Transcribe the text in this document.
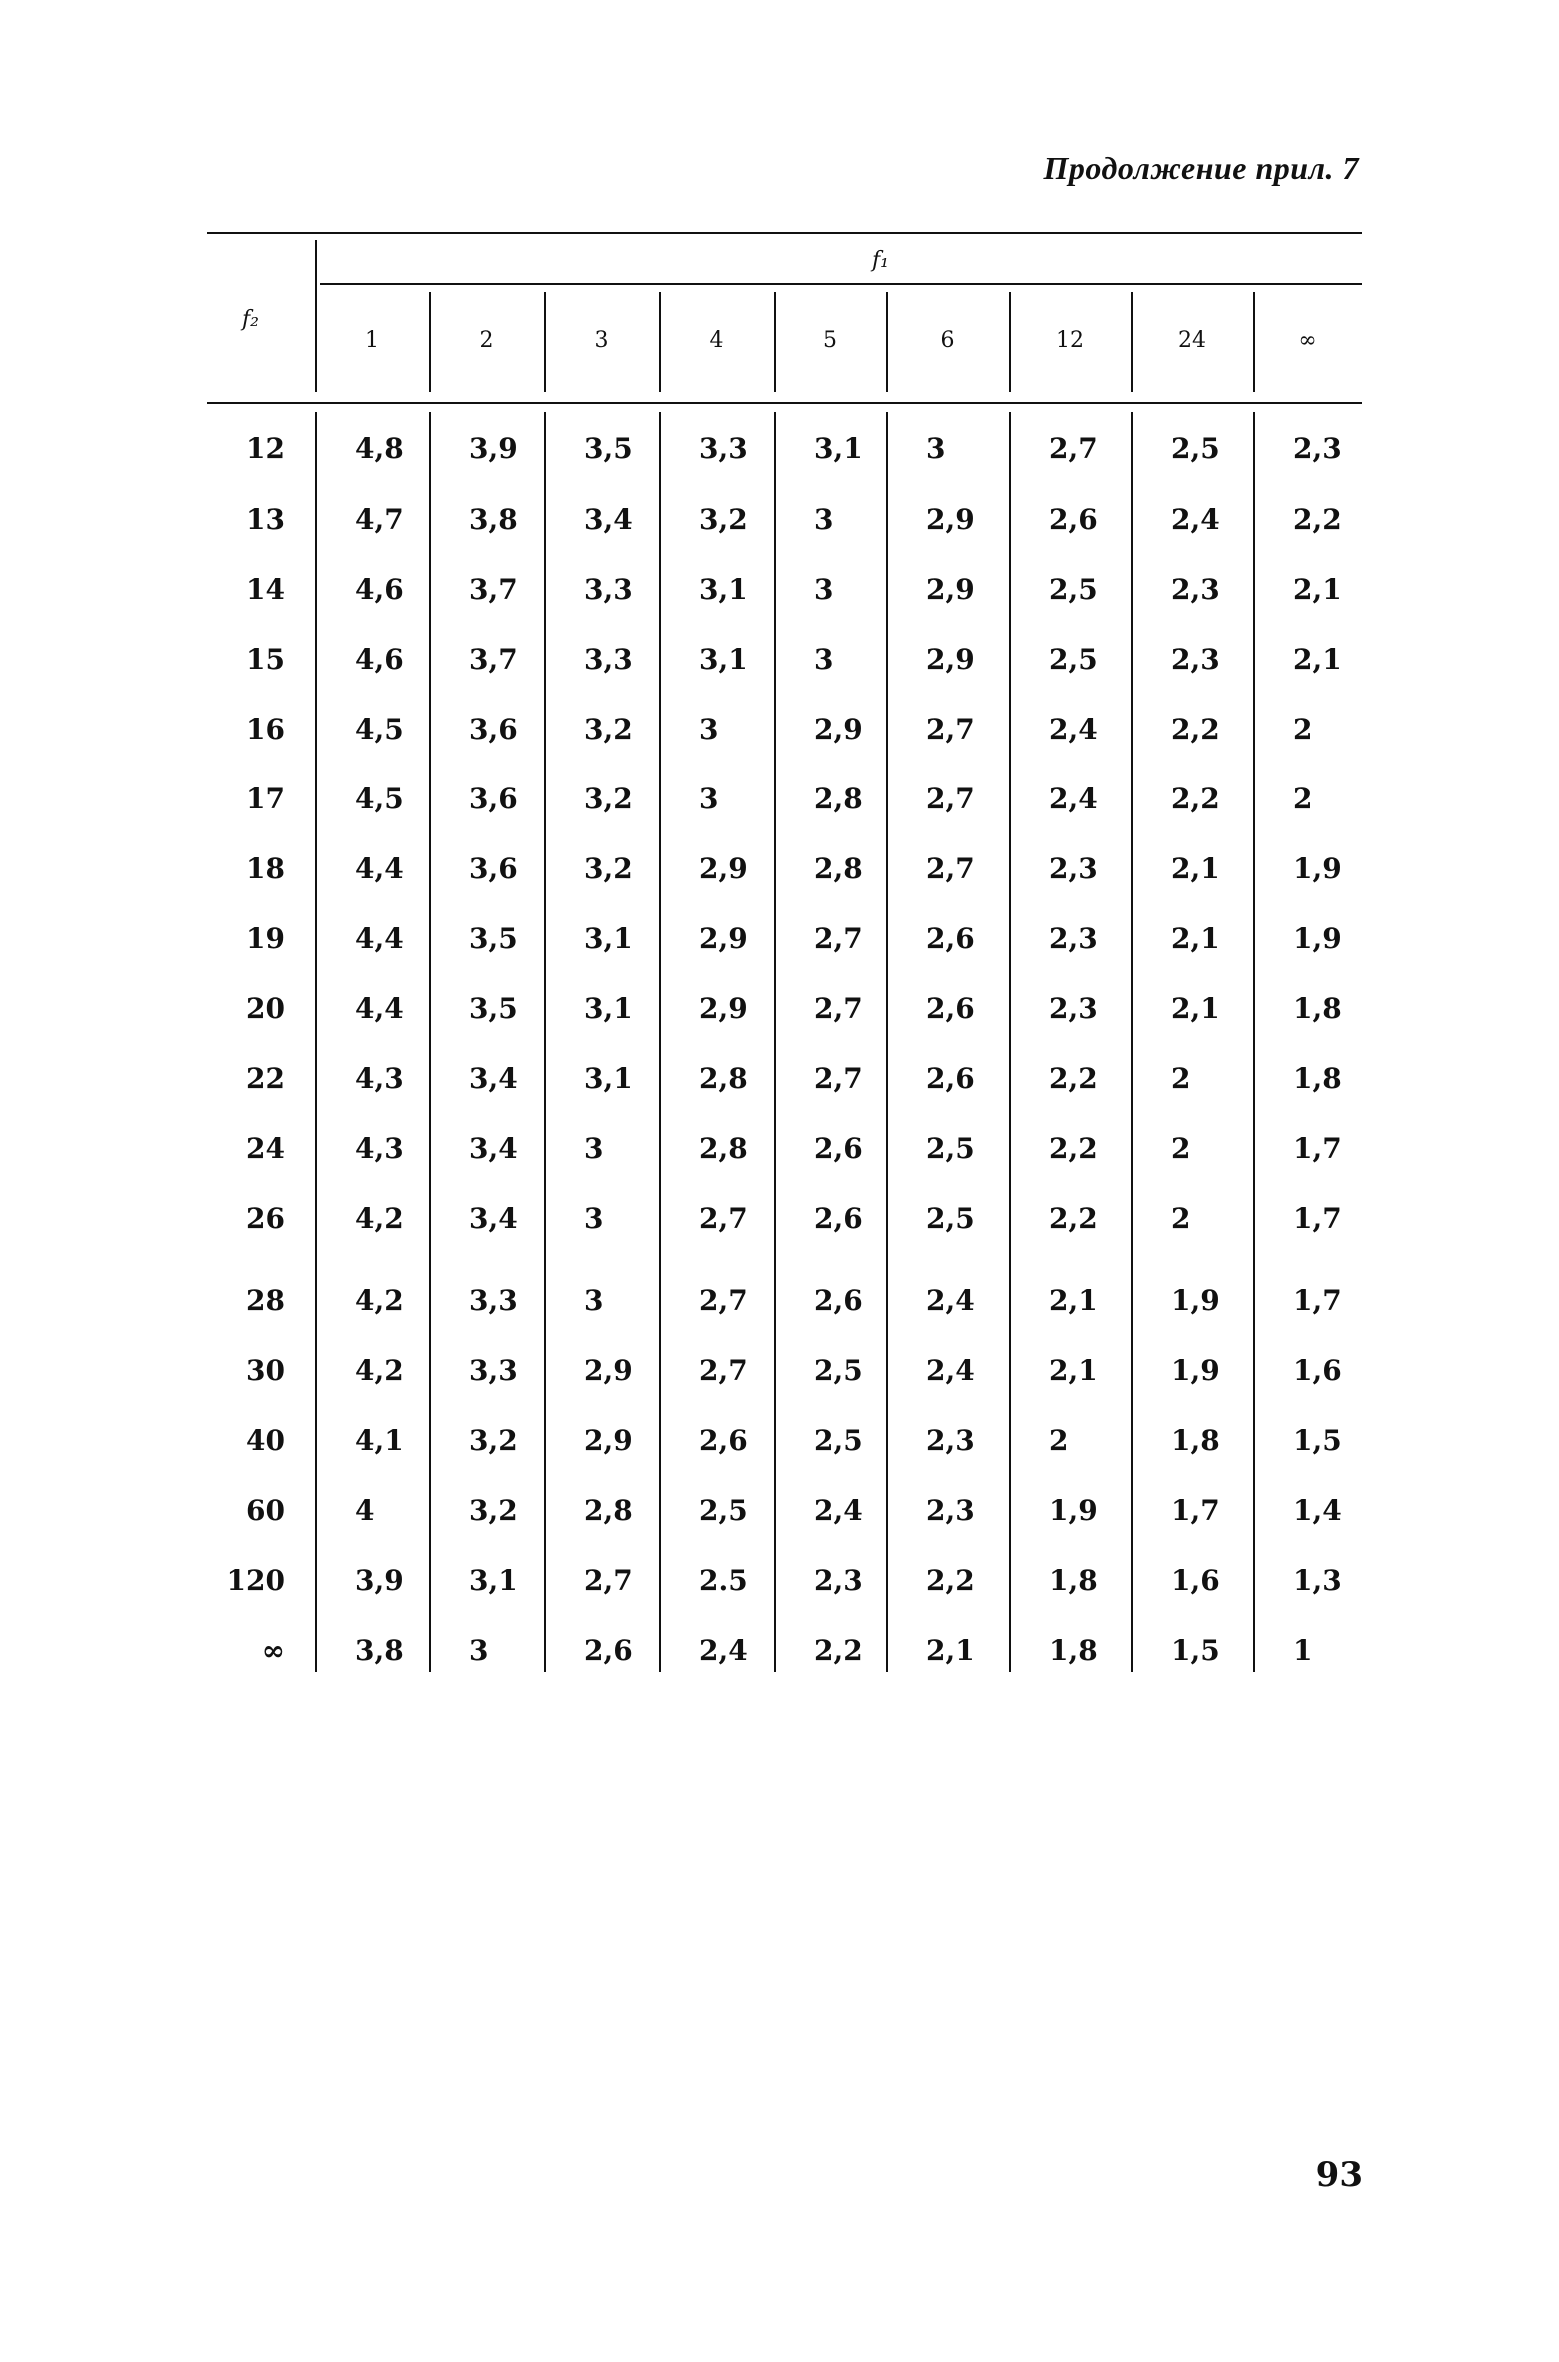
Продолжение прил. 7
f₂
f₁
1	2	3	4	5	6	12	24	∞
12	4,8 3,9 3,5 3,3 3,1 3	2,7	2,5	2,3
13	4,7 3,8 3,4 3,2 3	2,9	2,6	2,4	2,2
14	4,6 3,7 3,3 3,1 3	2,9	2,5	2,3	2,1
15	4,6 3,7 3,3 3,1 3	2,9	2,5	2,3	2,1
16	4,5 3,6 3,2 3	2,9 2,7	2,4	2,2	2
17	4,5 3,6 3,2 3	2,8 2,7	2,4	2,2	2
18	4,4 3,6 3,2 2,9 2,8 2,7	2,3	2,1	1,9
19	4,4 3,5 3,1 2,9 2,7 2,6	2,3	2,1	1,9
20	4,4 3,5 3,1 2,9 2,7 2,6	2,3	2,1	1,8
22	4,3 3,4 3,1 2,8 2,7 2,6	2,2	2	1,8
24	4,3 3,4 3	2,8 2,6 2,5	2,2	2	1,7
26	4,2 3,4 3	2,7 2,6 2,5	2,2	2	1,7
28	4,2 3,3 3	2,7 2,6 2,4	2,1	1,9	1,7
30	4,2 3,3 2,9 2,7 2,5 2,4	2,1	1,9	1,6
40	4,1 3,2 2,9 2,6 2,5 2,3	2	1,8	1,5
60	4	3,2 2,8 2,5 2,4 2,3	1,9	1,7	1,4
120	3,9 3,1 2,7 2.5 2,3 2,2	1,8	1,6	1,3
∞	3,8 3	2,6 2,4 2,2 2,1	1,8	1,5	1
93
